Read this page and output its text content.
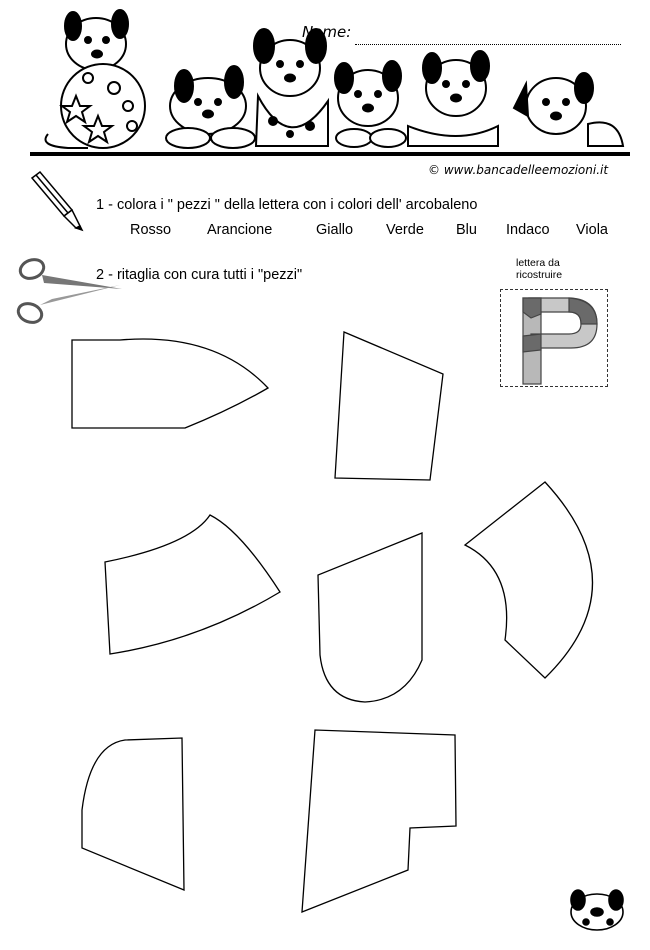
Nome:
© www.bancadelleemozioni.it
1 - colora i " pezzi " della lettera con i colori dell' arcobaleno
Rosso Arancione	Giallo Verde Blu Indaco Viola
2 - ritaglia con cura tutti i "pezzi"
lettera da
ricostruire
